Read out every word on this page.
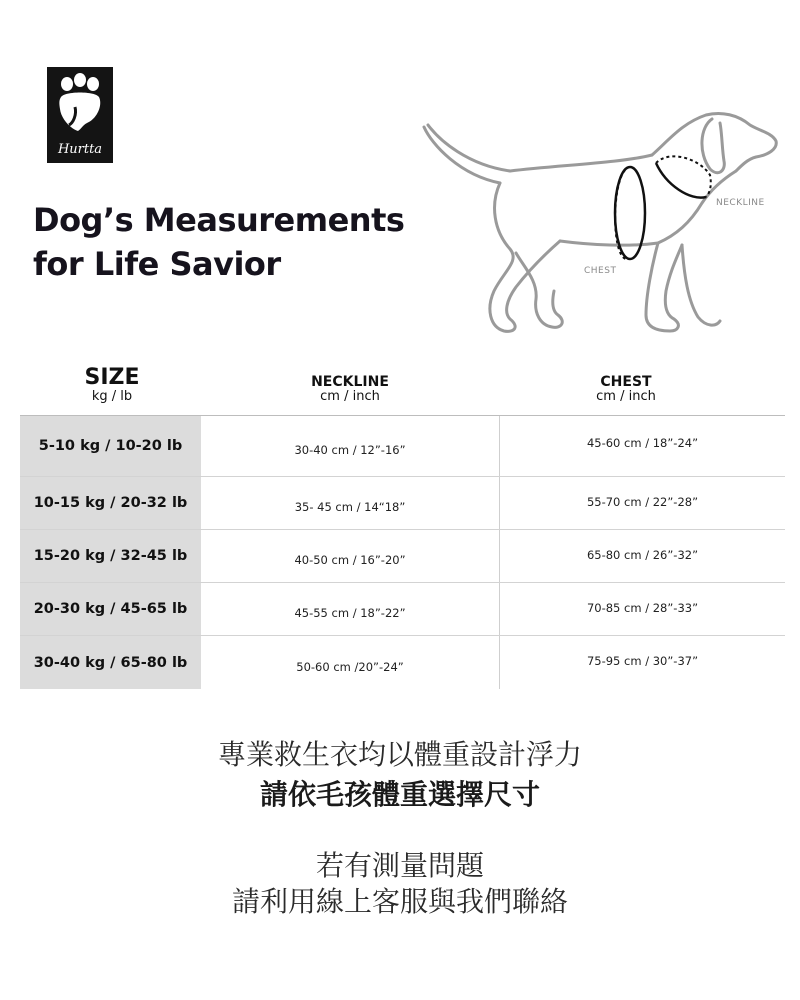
Hurtta
Dog’s Measurements
for Life Savior
NECKLINE
CHEST
SIZE
kg / lb
NECKLINE
cm / inch
CHEST
cm / inch
5-10 kg / 10-20 lb	30-40 cm / 12”-16”	45-60 cm / 18”-24”
10-15 kg / 20-32 lb	35- 45 cm / 14“18”	55-70 cm / 22”-28”
15-20 kg / 32-45 lb	40-50 cm / 16”-20”	65-80 cm / 26”-32”
20-30 kg / 45-65 lb	45-55 cm / 18”-22”	70-85 cm / 28”-33”
30-40 kg / 65-80 lb	50-60 cm /20”-24”	75-95 cm / 30”-37”
專業救生衣均以體重設計浮力
請依毛孩體重選擇尺寸
若有測量問題
請利用線上客服與我們聯絡
